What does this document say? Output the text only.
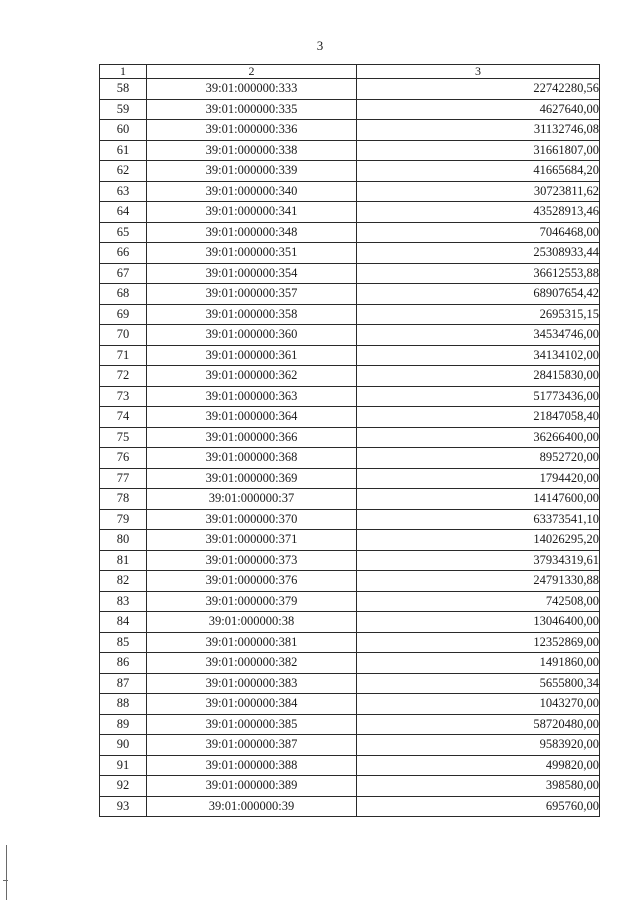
3
1	2	3
58	39:01:000000:333	22742280,56
59	39:01:000000:335	4627640,00
60	39:01:000000:336	31132746,08
61	39:01:000000:338	31661807,00
62	39:01:000000:339	41665684,20
63	39:01:000000:340	30723811,62
64	39:01:000000:341	43528913,46
65	39:01:000000:348	7046468,00
66	39:01:000000:351	25308933,44
67	39:01:000000:354	36612553,88
68	39:01:000000:357	68907654,42
69	39:01:000000:358	2695315,15
70	39:01:000000:360	34534746,00
71	39:01:000000:361	34134102,00
72	39:01:000000:362	28415830,00
73	39:01:000000:363	51773436,00
74	39:01:000000:364	21847058,40
75	39:01:000000:366	36266400,00
76	39:01:000000:368	8952720,00
77	39:01:000000:369	1794420,00
78	39:01:000000:37	14147600,00
79	39:01:000000:370	63373541,10
80	39:01:000000:371	14026295,20
81	39:01:000000:373	37934319,61
82	39:01:000000:376	24791330,88
83	39:01:000000:379	742508,00
84	39:01:000000:38	13046400,00
85	39:01:000000:381	12352869,00
86	39:01:000000:382	1491860,00
87	39:01:000000:383	5655800,34
88	39:01:000000:384	1043270,00
89	39:01:000000:385	58720480,00
90	39:01:000000:387	9583920,00
91	39:01:000000:388	499820,00
92	39:01:000000:389	398580,00
93	39:01:000000:39	695760,00
